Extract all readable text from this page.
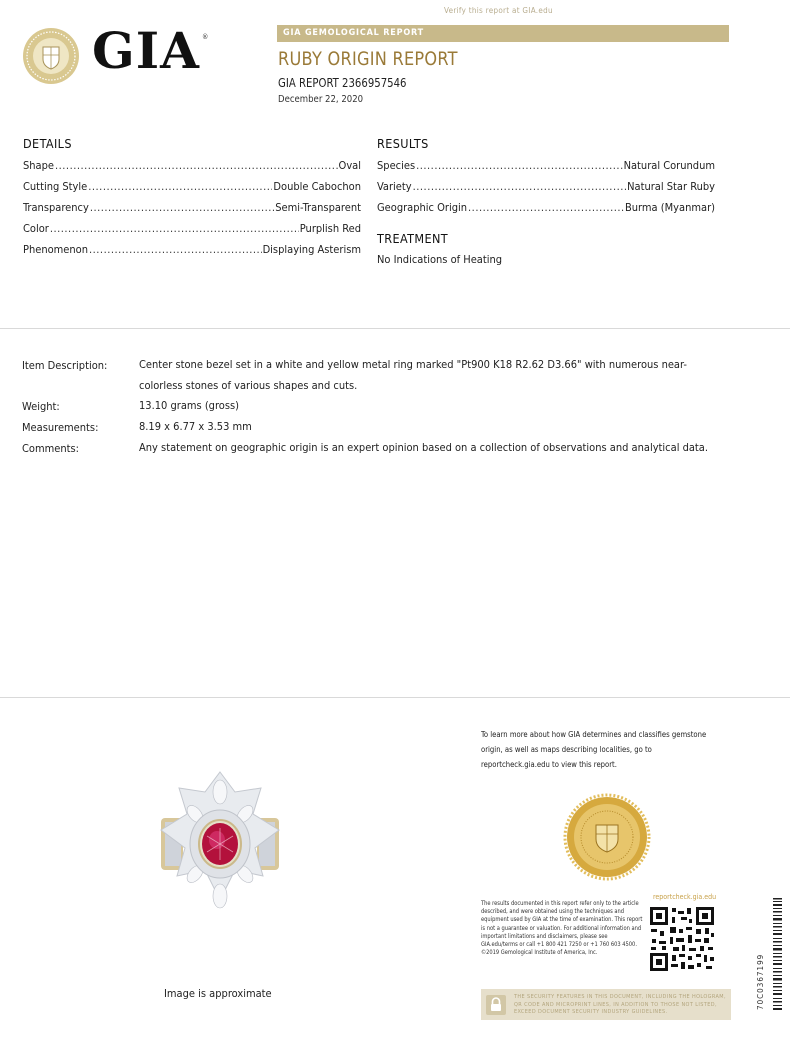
Verify this report at GIA.edu
GIA ®	GIA GEMOLOGICAL REPORT
RUBY ORIGIN REPORT
GIA REPORT 2366957546
December 22, 2020
DETAILS
Shape .....	Oval
Cutting Style .....	Double Cabochon
Transparency .....	Semi-Transparent
Color .....	Purplish Red
Phenomenon .....	Displaying Asterism
RESULTS
Species .....	Natural Corundum
Variety .....	Natural Star Ruby
Geographic Origin .....	Burma (Myanmar)
TREATMENT
No Indications of Heating
Item Description:	Center stone bezel set in a white and yellow metal ring marked "Pt900 K18 R2.62 D3.66" with numerous near-colorless stones of various shapes and cuts.
Weight:	13.10 grams (gross)
Measurements:	8.19 x 6.77 x 3.53 mm
Comments:	Any statement on geographic origin is an expert opinion based on a collection of observations and analytical data.
To learn more about how GIA determines and classifies gemstone origin, as well as maps describing localities, go to reportcheck.gia.edu to view this report.
Image is approximate
reportcheck.gia.edu
The results documented in this report refer only to the article described, and were obtained using the techniques and equipment used by GIA at the time of examination. This report is not a guarantee or valuation. For additional information and important limitations and disclaimers, please see GIA.edu/terms or call +1 800 421 7250 or +1 760 603 4500. ©2019 Gemological Institute of America, Inc.
THE SECURITY FEATURES IN THIS DOCUMENT, INCLUDING THE HOLOGRAM, QR CODE AND MICROPRINT LINES, IN ADDITION TO THOSE NOT LISTED, EXCEED DOCUMENT SECURITY INDUSTRY GUIDELINES.
70C0367199
